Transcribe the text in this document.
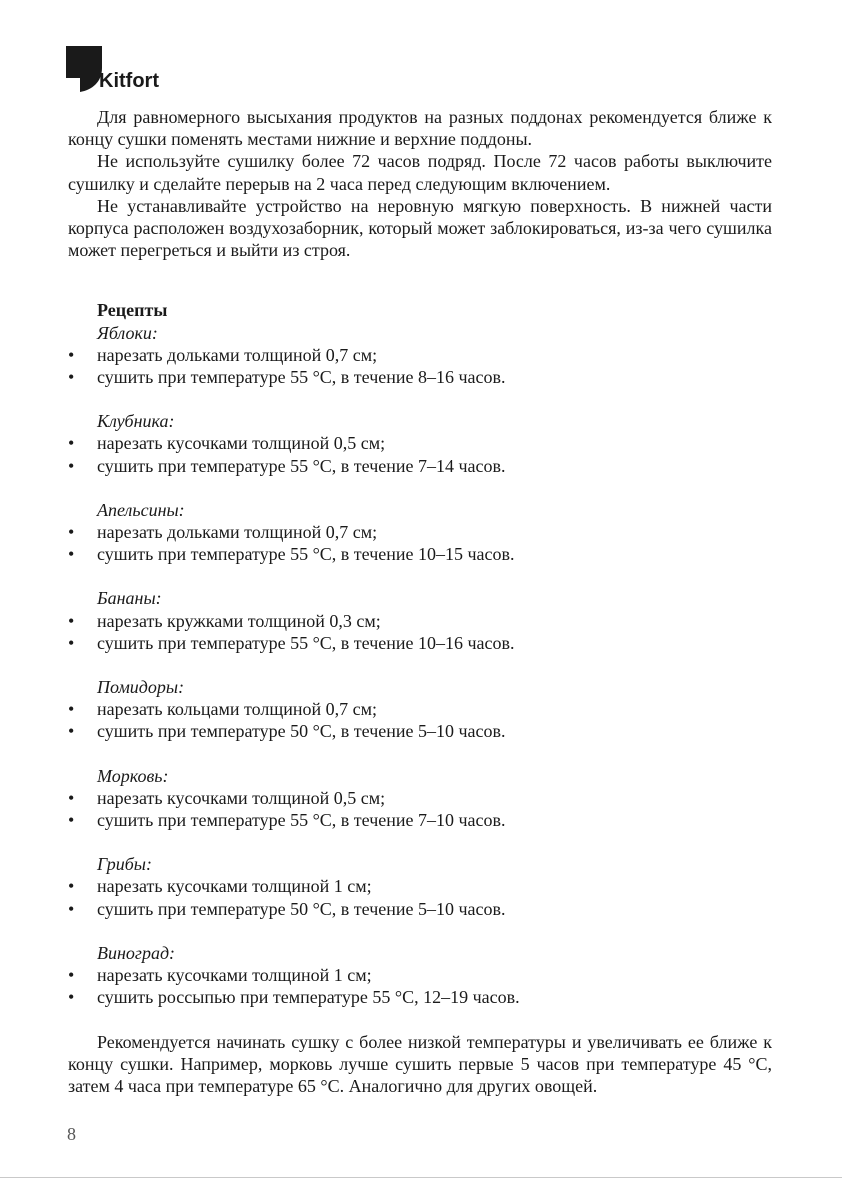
Kitfort

Для равномерного высыхания продуктов на разных поддонах рекомендуется ближе к концу сушки поменять местами нижние и верхние поддоны.

Не используйте сушилку более 72 часов подряд. После 72 часов работы выключите сушилку и сделайте перерыв на 2 часа перед следующим включением.

Не устанавливайте устройство на неровную мягкую поверхность. В нижней части корпуса расположен воздухозаборник, который может заблокироваться, из-за чего сушилка может перегреться и выйти из строя.

Рецепты
Яблоки:
•	нарезать дольками толщиной 0,7 см;
•	сушить при температуре 55 °C, в течение 8–16 часов.
Клубника:
•	нарезать кусочками толщиной 0,5 см;
•	сушить при температуре 55 °C, в течение 7–14 часов.
Апельсины:
•	нарезать дольками толщиной 0,7 см;
•	сушить при температуре 55 °C, в течение 10–15 часов.
Бананы:
•	нарезать кружками толщиной 0,3 см;
•	сушить при температуре 55 °C, в течение 10–16 часов.
Помидоры:
•	нарезать кольцами толщиной 0,7 см;
•	сушить при температуре 50 °C, в течение 5–10 часов.
Морковь:
•	нарезать кусочками толщиной 0,5 см;
•	сушить при температуре 55 °C, в течение 7–10 часов.
Грибы:
•	нарезать кусочками толщиной 1 см;
•	сушить при температуре 50 °C, в течение 5–10 часов.
Виноград:
•	нарезать кусочками толщиной 1 см;
•	сушить россыпью при температуре 55 °C, 12–19 часов.

Рекомендуется начинать сушку с более низкой температуры и увеличивать ее ближе к концу сушки. Например, морковь лучше сушить первые 5 часов при температуре 45 °C, затем 4 часа при температуре 65 °C. Аналогично для других овощей.

8
